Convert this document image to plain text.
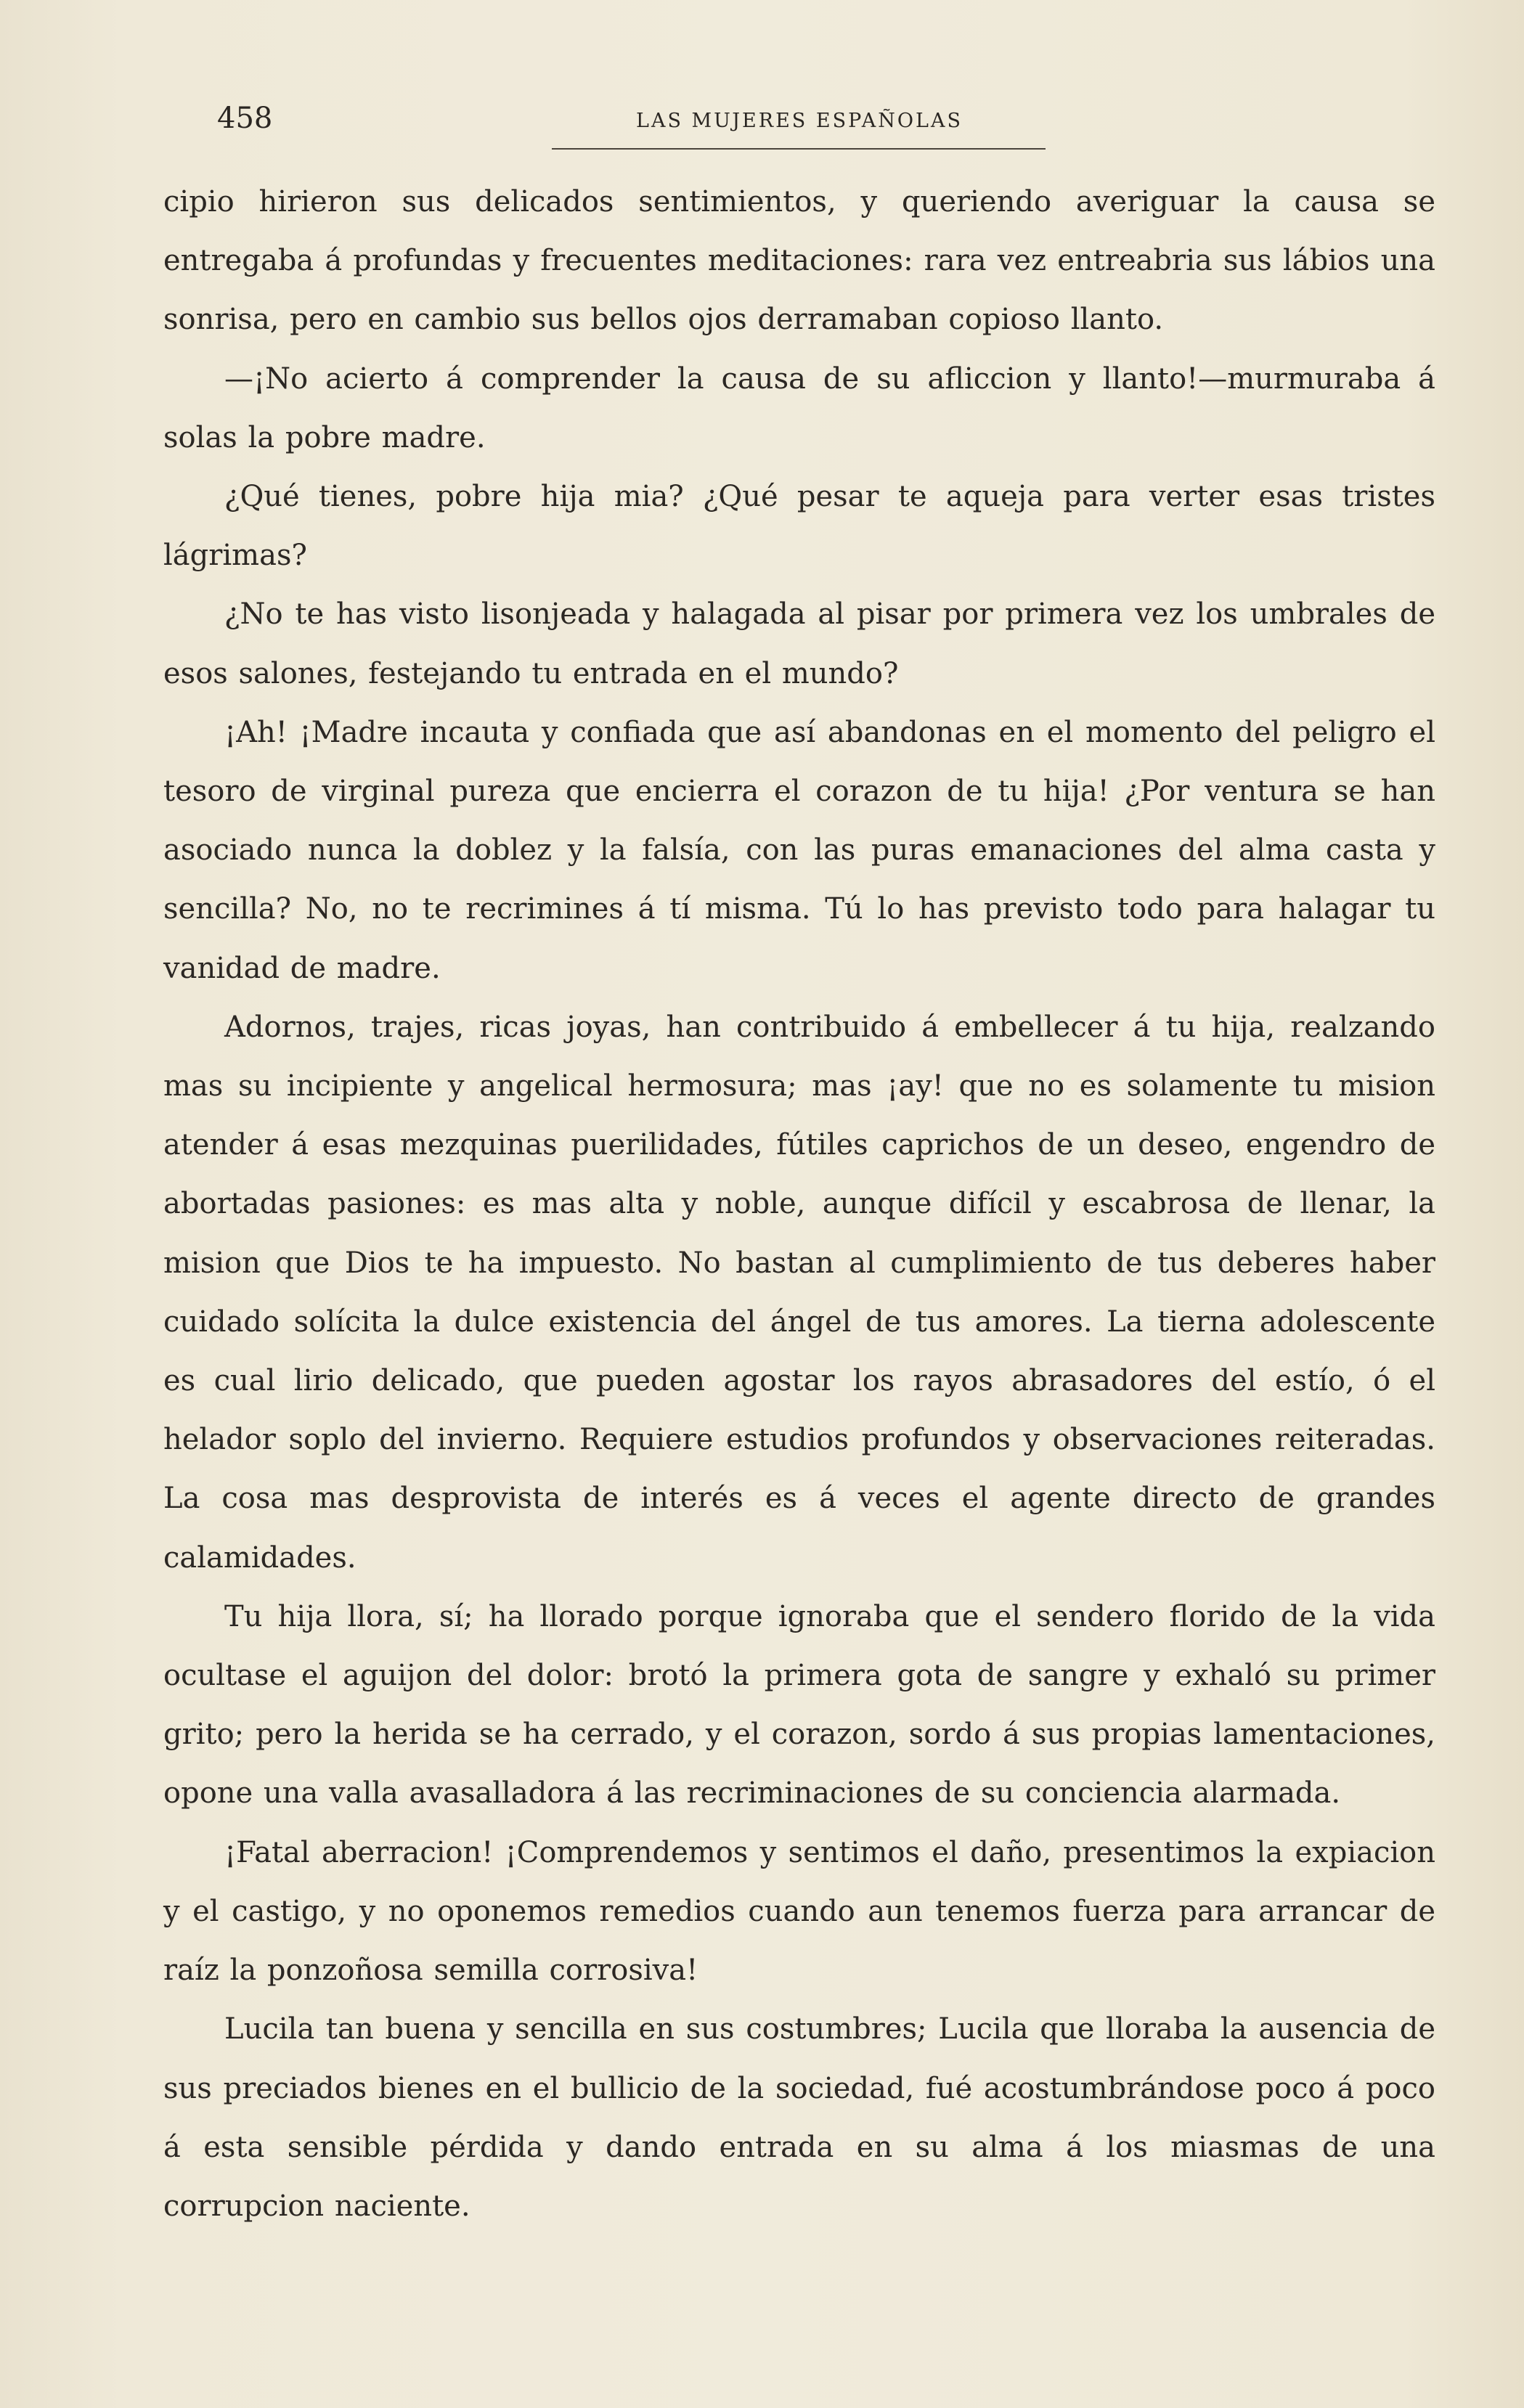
458	LAS MUJERES ESPAÑOLAS

cipio hirieron sus delicados sentimientos, y queriendo averiguar la causa se entregaba á profundas y frecuentes meditaciones: rara vez entreabria sus lábios una sonrisa, pero en cambio sus bellos ojos derramaban copioso llanto.

—¡No acierto á comprender la causa de su afliccion y llanto!—murmuraba á solas la pobre madre.

¿Qué tienes, pobre hija mia? ¿Qué pesar te aqueja para verter esas tristes lágrimas?

¿No te has visto lisonjeada y halagada al pisar por primera vez los umbrales de esos salones, festejando tu entrada en el mundo?

¡Ah! ¡Madre incauta y confiada que así abandonas en el momento del peligro el tesoro de virginal pureza que encierra el corazon de tu hija! ¿Por ventura se han asociado nunca la doblez y la falsía, con las puras emanaciones del alma casta y sencilla? No, no te recrimines á tí misma. Tú lo has previsto todo para halagar tu vanidad de madre.

Adornos, trajes, ricas joyas, han contribuido á embellecer á tu hija, realzando mas su incipiente y angelical hermosura; mas ¡ay! que no es solamente tu mision atender á esas mezquinas puerilidades, fútiles caprichos de un deseo, engendro de abortadas pasiones: es mas alta y noble, aunque difícil y escabrosa de llenar, la mision que Dios te ha impuesto. No bastan al cumplimiento de tus deberes haber cuidado solícita la dulce existencia del ángel de tus amores. La tierna adolescente es cual lirio delicado, que pueden agostar los rayos abrasadores del estío, ó el helador soplo del invierno. Requiere estudios profundos y observaciones reiteradas. La cosa mas desprovista de interés es á veces el agente directo de grandes calamidades.

Tu hija llora, sí; ha llorado porque ignoraba que el sendero florido de la vida ocultase el aguijon del dolor: brotó la primera gota de sangre y exhaló su primer grito; pero la herida se ha cerrado, y el corazon, sordo á sus propias lamentaciones, opone una valla avasalladora á las recriminaciones de su conciencia alarmada.

¡Fatal aberracion! ¡Comprendemos y sentimos el daño, presentimos la expiacion y el castigo, y no oponemos remedios cuando aun tenemos fuerza para arrancar de raíz la ponzoñosa semilla corrosiva!

Lucila tan buena y sencilla en sus costumbres; Lucila que lloraba la ausencia de sus preciados bienes en el bullicio de la sociedad, fué acostumbrándose poco á poco á esta sensible pérdida y dando entrada en su alma á los miasmas de una corrupcion naciente.
